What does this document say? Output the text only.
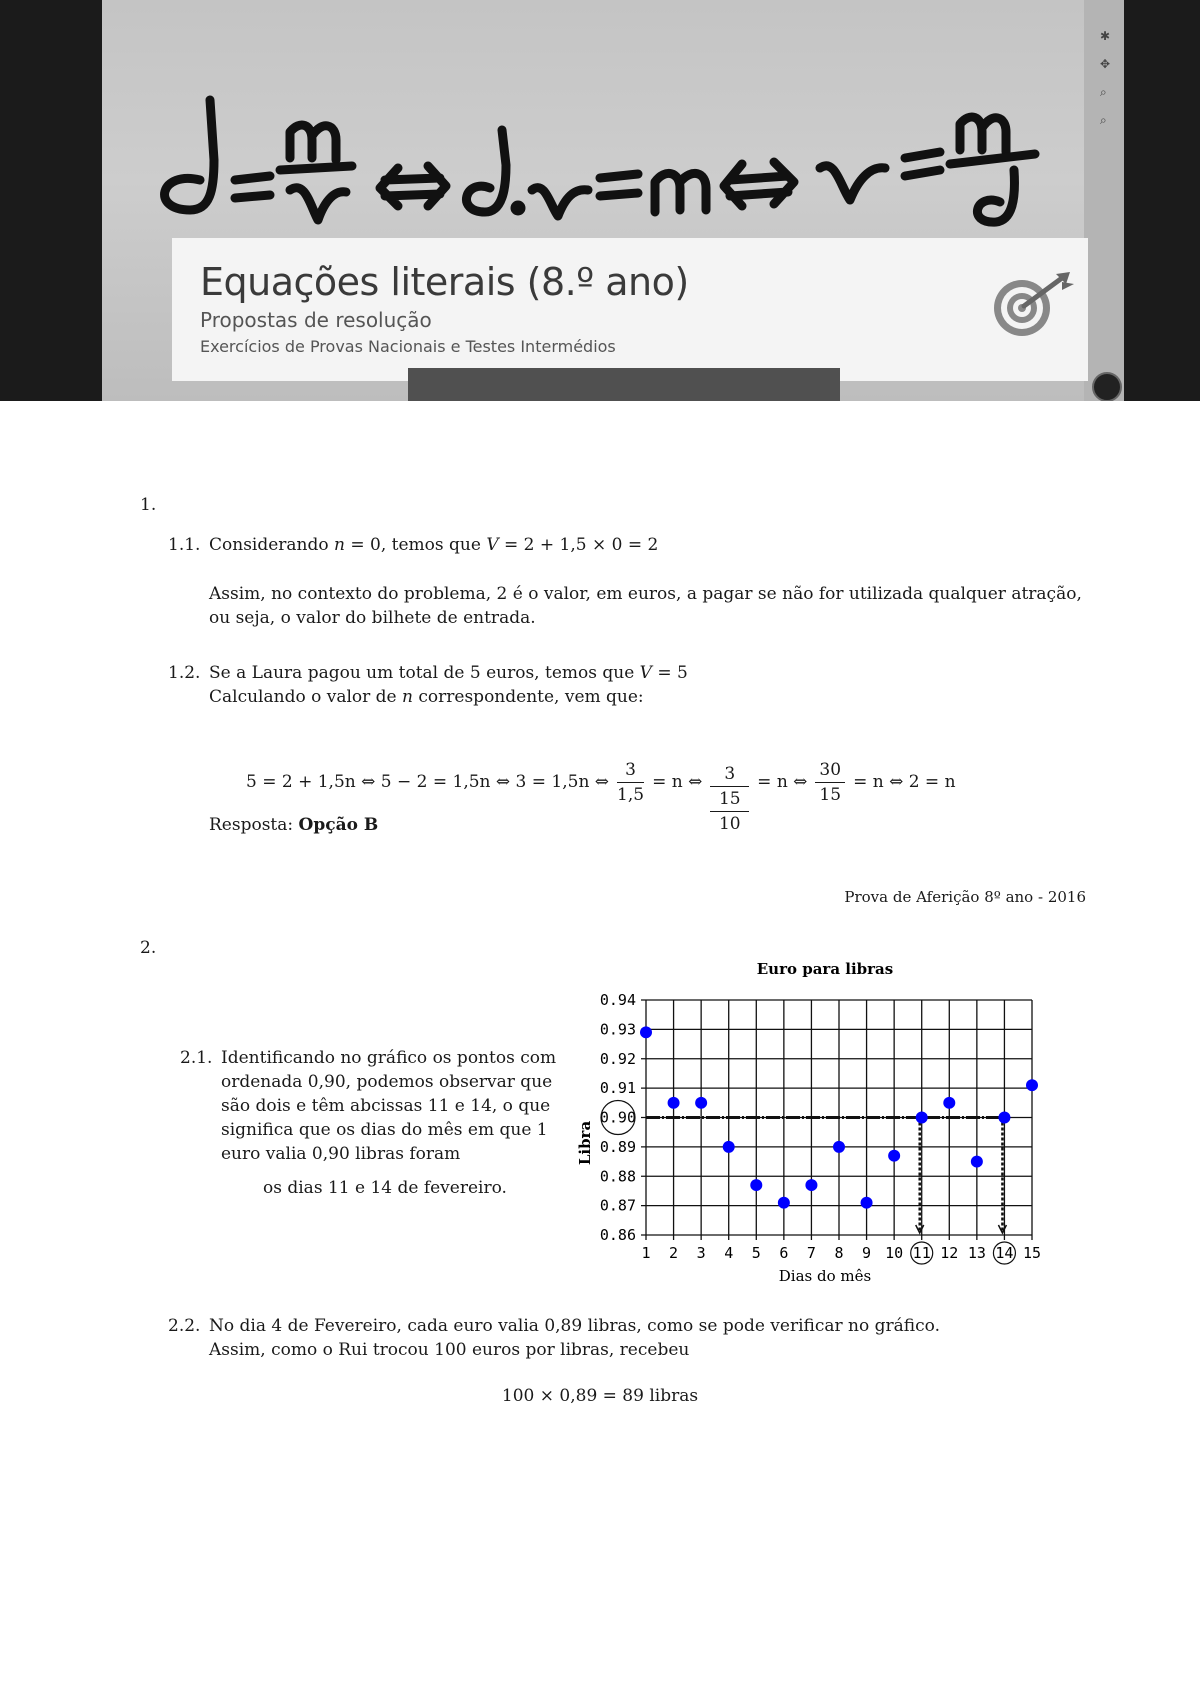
✱
✥
⌕
⌕
Equações literais (8.º ano)
Propostas de resolução
Exercícios de Provas Nacionais e Testes Intermédios
1.
1.1. Considerando n = 0, temos que V = 2 + 1,5 × 0 = 2
Assim, no contexto do problema, 2 é o valor, em euros, a pagar se não for utilizada qualquer atração,
ou seja, o valor do bilhete de entrada.
1.2. Se a Laura pagou um total de 5 euros, temos que V = 5
Calculando o valor de n correspondente, vem que:
5 = 2 + 1,5n ⇔ 5 − 2 = 1,5n ⇔ 3 = 1,5n ⇔ $\frac{3}{1,5} = n$ ⇔ 3
15
10 = n ⇔ $\frac{30}{15} = n$ ⇔ 2 = n
Resposta: Opção B
Prova de Aferição 8º ano - 2016
2.
2.1. Identificando no gráfico os pontos com
ordenada 0,90, podemos observar que
são dois e têm abcissas 11 e 14, o que
significa que os dias do mês em que 1
euro valia 0,90 libras foram
os dias 11 e 14 de fevereiro.
1 2 3 4 5 6 7 8 9 10 11 12 13 14 15
0.86
0.87
0.88
0.89
0.90
0.91
0.92
0.93
0.94
Euro para libras
Dias do mês
Libra
2.2. No dia 4 de Fevereiro, cada euro valia 0,89 libras, como se pode verificar no gráfico.
Assim, como o Rui trocou 100 euros por libras, recebeu
100 × 0,89 = 89 libras
